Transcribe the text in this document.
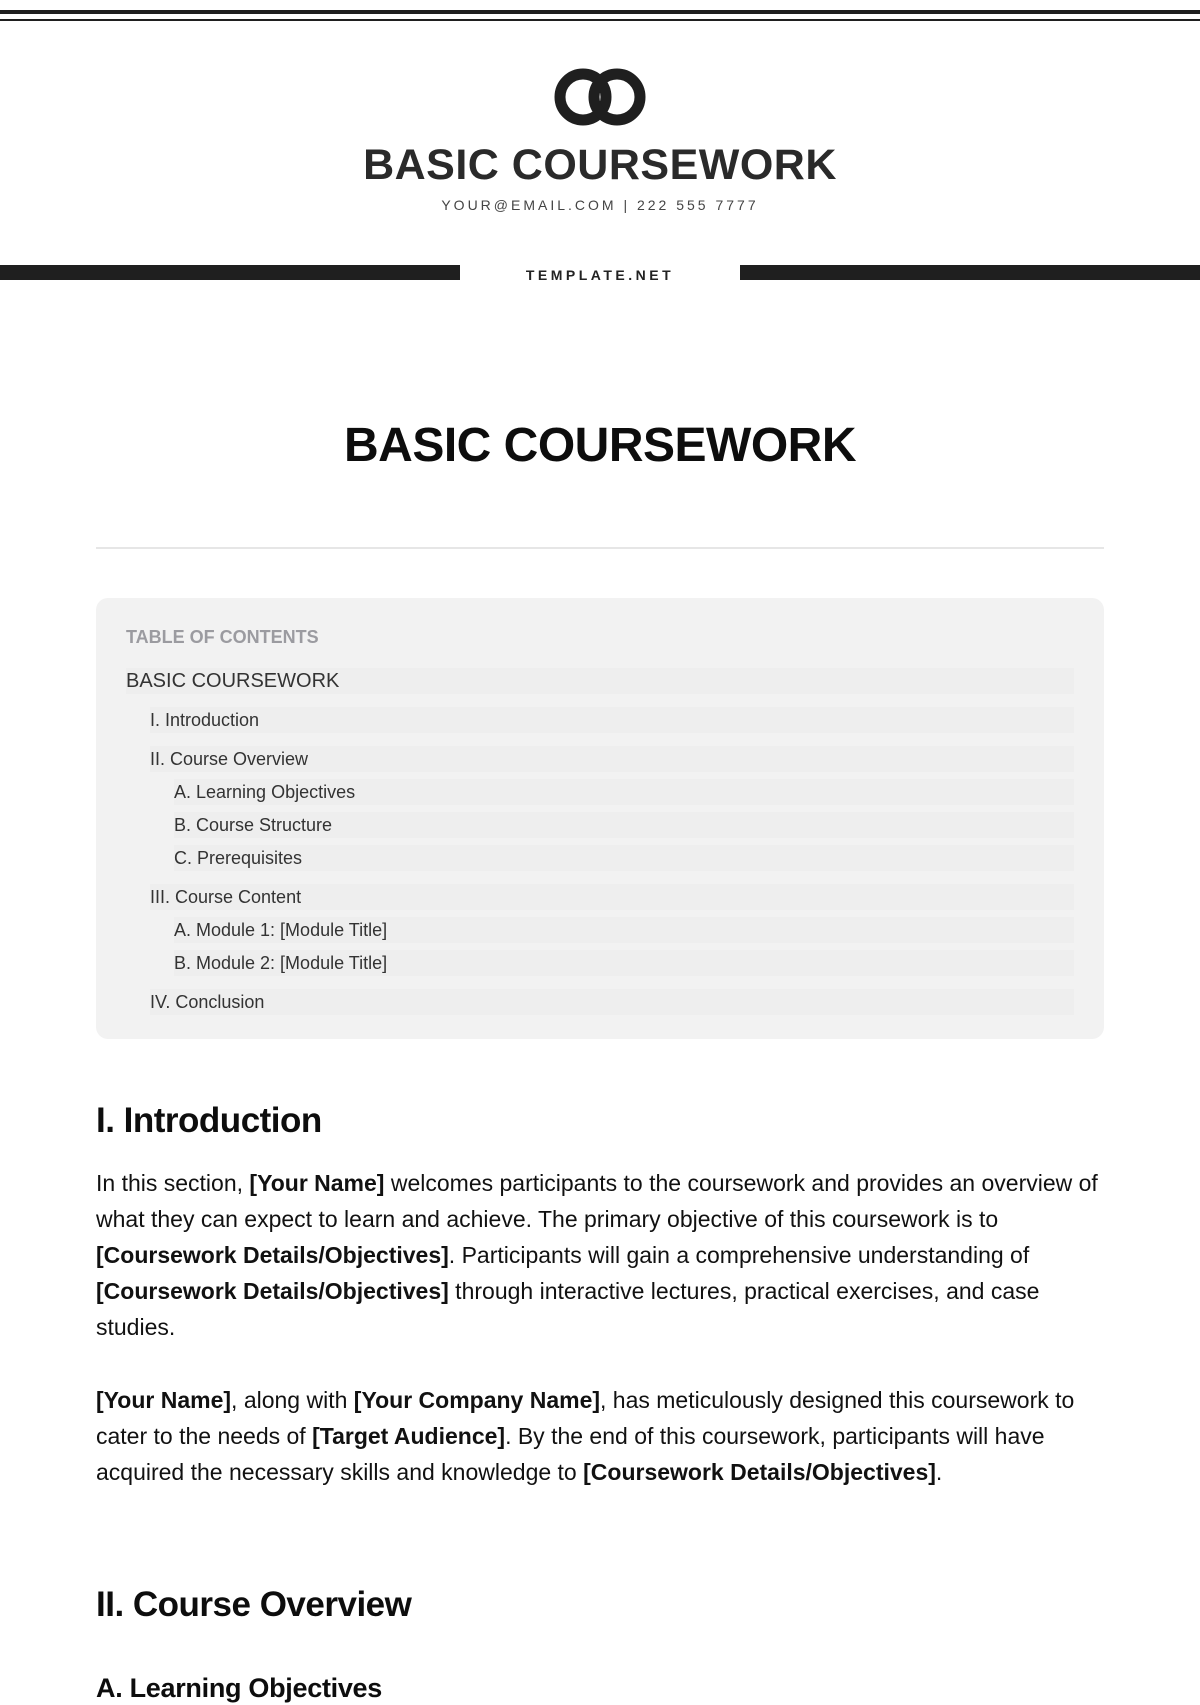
BASIC COURSEWORK
YOUR@EMAIL.COM | 222 555 7777
TEMPLATE.NET
BASIC COURSEWORK
TABLE OF CONTENTS
BASIC COURSEWORK
I. Introduction
II. Course Overview
A. Learning Objectives
B. Course Structure
C. Prerequisites
III. Course Content
A. Module 1: [Module Title]
B. Module 2: [Module Title]
IV. Conclusion
I. Introduction
In this section, [Your Name] welcomes participants to the coursework and provides an overview of what they can expect to learn and achieve. The primary objective of this coursework is to [Coursework Details/Objectives]. Participants will gain a comprehensive understanding of [Coursework Details/Objectives] through interactive lectures, practical exercises, and case studies.
[Your Name], along with [Your Company Name], has meticulously designed this coursework to cater to the needs of [Target Audience]. By the end of this coursework, participants will have acquired the necessary skills and knowledge to [Coursework Details/Objectives].
II. Course Overview
A. Learning Objectives
